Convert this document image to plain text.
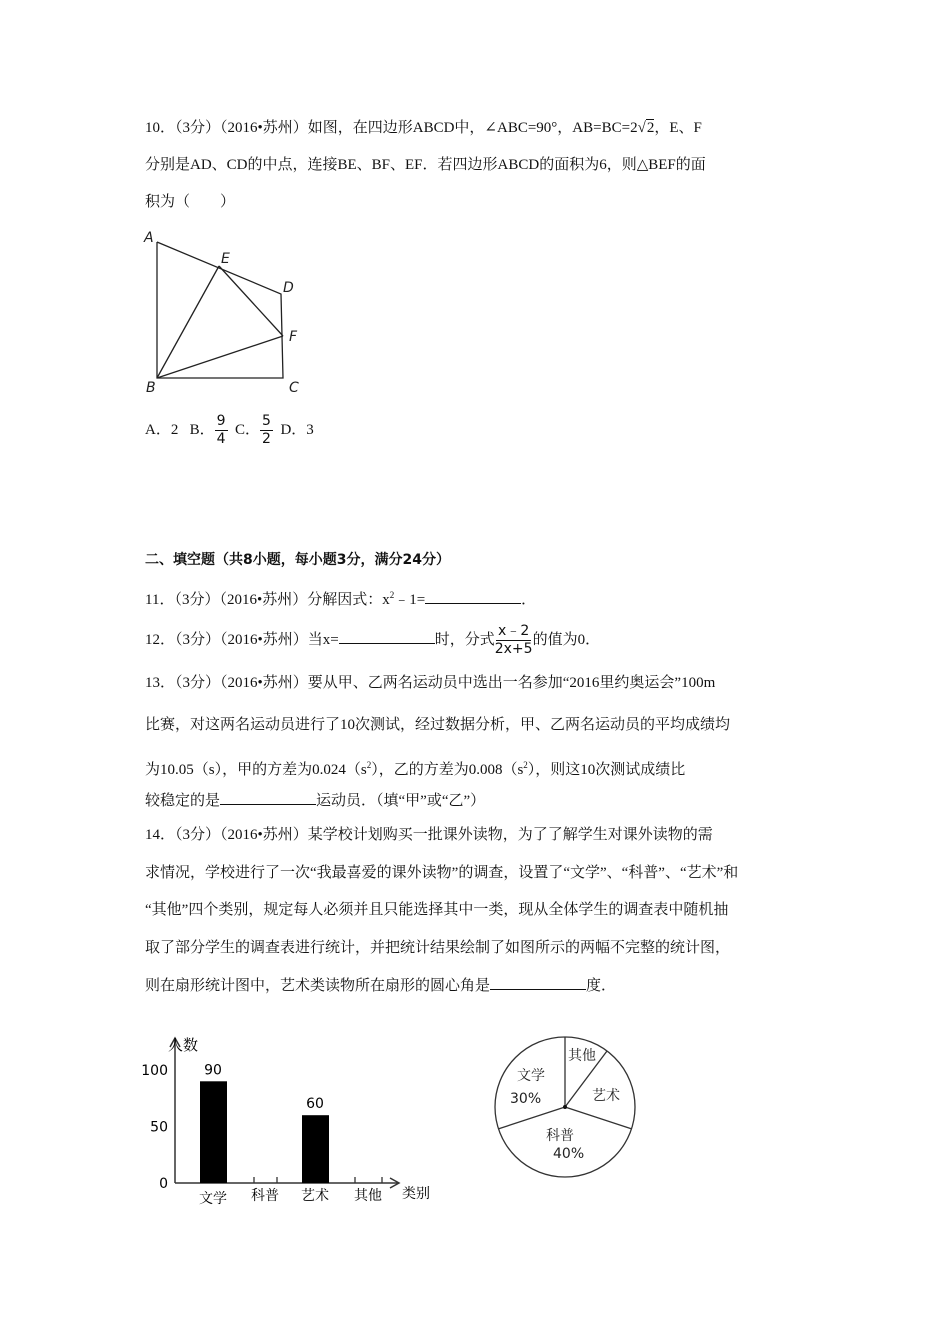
10．（3分）（2016•苏州）如图，在四边形ABCD中，∠ABC=90°，AB=BC=2√2，E、F
分别是AD、CD的中点，连接BE、BF、EF．若四边形ABCD的面积为6，则△BEF的面
积为（　　）
A
B	C
D
E
F
A．2 B． $\frac{9}{4}$ C． $\frac{5}{2}$ D．3
二、填空题（共8小题，每小题3分，满分24分）
11．（3分）（2016•苏州）分解因式：$x^2﹣1=$	．
12．（3分）（2016•苏州）当x=	时，分式 $\frac{x﹣2}{2x+5}$ 的值为0．
13．（3分）（2016•苏州）要从甲、乙两名运动员中选出一名参加“2016里约奥运会”100m
比赛，对这两名运动员进行了10次测试，经过数据分析，甲、乙两名运动员的平均成绩均
为10.05（s），甲的方差为$0.024(s^2)$，乙的方差为$0.008(s^2)$，则这10次测试成绩比
较稳定的是	运动员．（填“甲”或“乙”）
14．（3分）（2016•苏州）某学校计划购买一批课外读物，为了了解学生对课外读物的需
求情况，学校进行了一次“我最喜爱的课外读物”的调查，设置了“文学”、“科普”、“艺术”和
“其他”四个类别，规定每人必须并且只能选择其中一类，现从全体学生的调查表中随机抽
取了部分学生的调查表进行统计，并把统计结果绘制了如图所示的两幅不完整的统计图，
则在扇形统计图中，艺术类读物所在扇形的圆心角是	度．
人数
类别
0
50
100
文学
90
科普 艺术
60
其他
文学
30%
科普
40%
艺术
其他
